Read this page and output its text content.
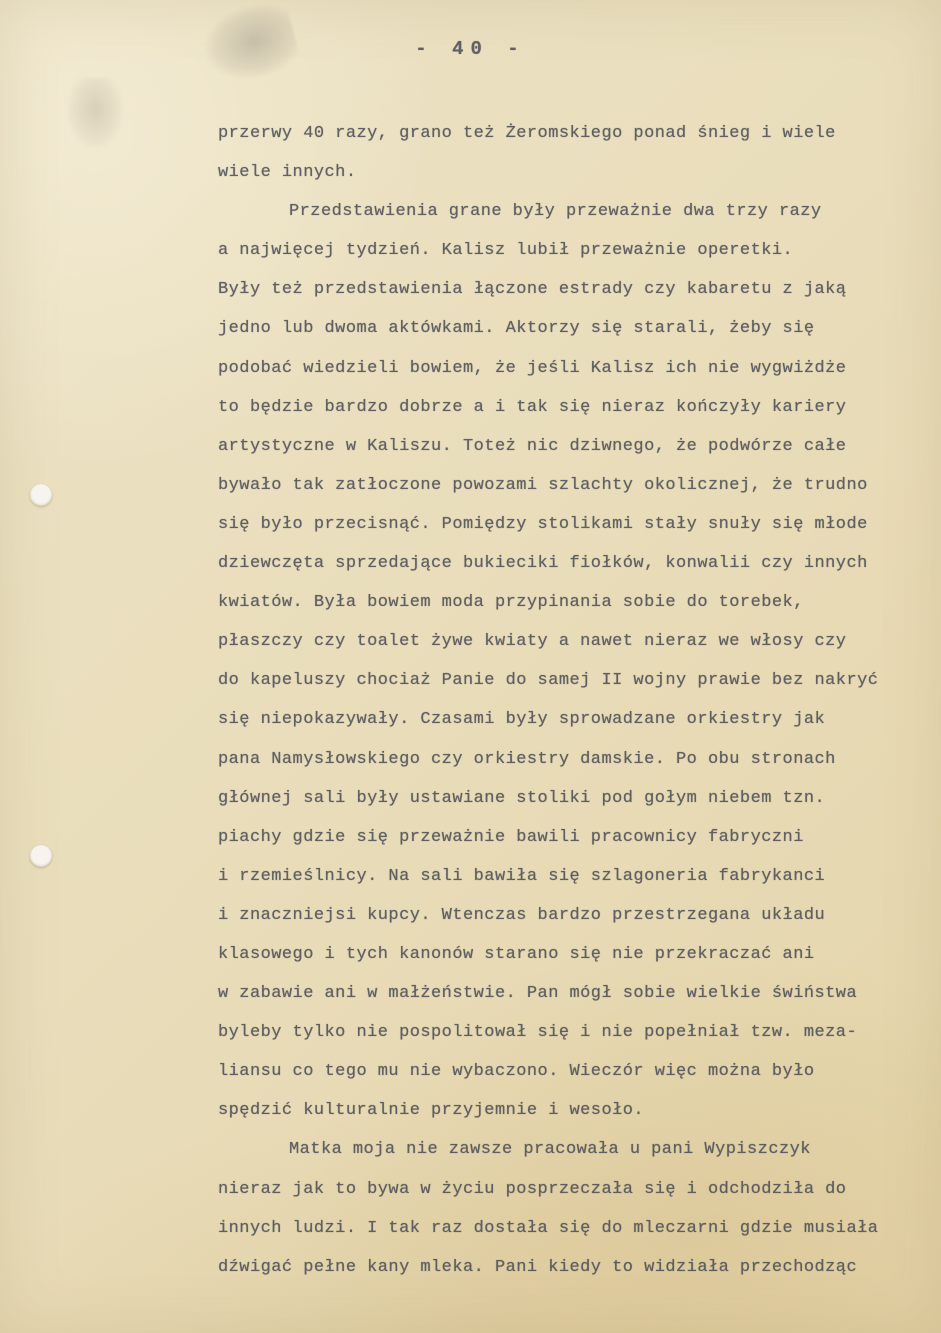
- 40 -
przerwy 40 razy, grano też Żeromskiego ponad śnieg i wiele
wiele innych.
Przedstawienia grane były przeważnie dwa trzy razy
a najwięcej tydzień. Kalisz lubił przeważnie operetki.
Były też przedstawienia łączone estrady czy kabaretu z jaką
jedno lub dwoma aktówkami. Aktorzy się starali, żeby się
podobać wiedzieli bowiem, że jeśli Kalisz ich nie wygwiżdże
to będzie bardzo dobrze a i tak się nieraz kończyły kariery
artystyczne w Kaliszu. Toteż nic dziwnego, że podwórze całe
bywało tak zatłoczone powozami szlachty okolicznej, że trudno
się było przecisnąć. Pomiędzy stolikami stały snuły się młode
dziewczęta sprzedające bukieciki fiołków, konwalii czy innych
kwiatów. Była bowiem moda przypinania sobie do torebek,
płaszczy czy toalet żywe kwiaty a nawet nieraz we włosy czy
do kapeluszy chociaż Panie do samej II wojny prawie bez nakryć
się niepokazywały. Czasami były sprowadzane orkiestry jak
pana Namysłowskiego czy orkiestry damskie. Po obu stronach
głównej sali były ustawiane stoliki pod gołym niebem tzn.
piachy gdzie się przeważnie bawili pracownicy fabryczni
i rzemieślnicy. Na sali bawiła się szlagoneria fabrykanci
i znaczniejsi kupcy. Wtenczas bardzo przestrzegana układu
klasowego i tych kanonów starano się nie przekraczać ani
w zabawie ani w małżeństwie. Pan mógł sobie wielkie świństwa
byleby tylko nie pospolitował się i nie popełniał tzw. meza-
liansu co tego mu nie wybaczono. Wieczór więc można było
spędzić kulturalnie przyjemnie i wesoło.
Matka moja nie zawsze pracowała u pani Wypiszczyk
nieraz jak to bywa w życiu posprzeczała się i odchodziła do
innych ludzi. I tak raz dostała się do mleczarni gdzie musiała
dźwigać pełne kany mleka. Pani kiedy to widziała przechodząc
